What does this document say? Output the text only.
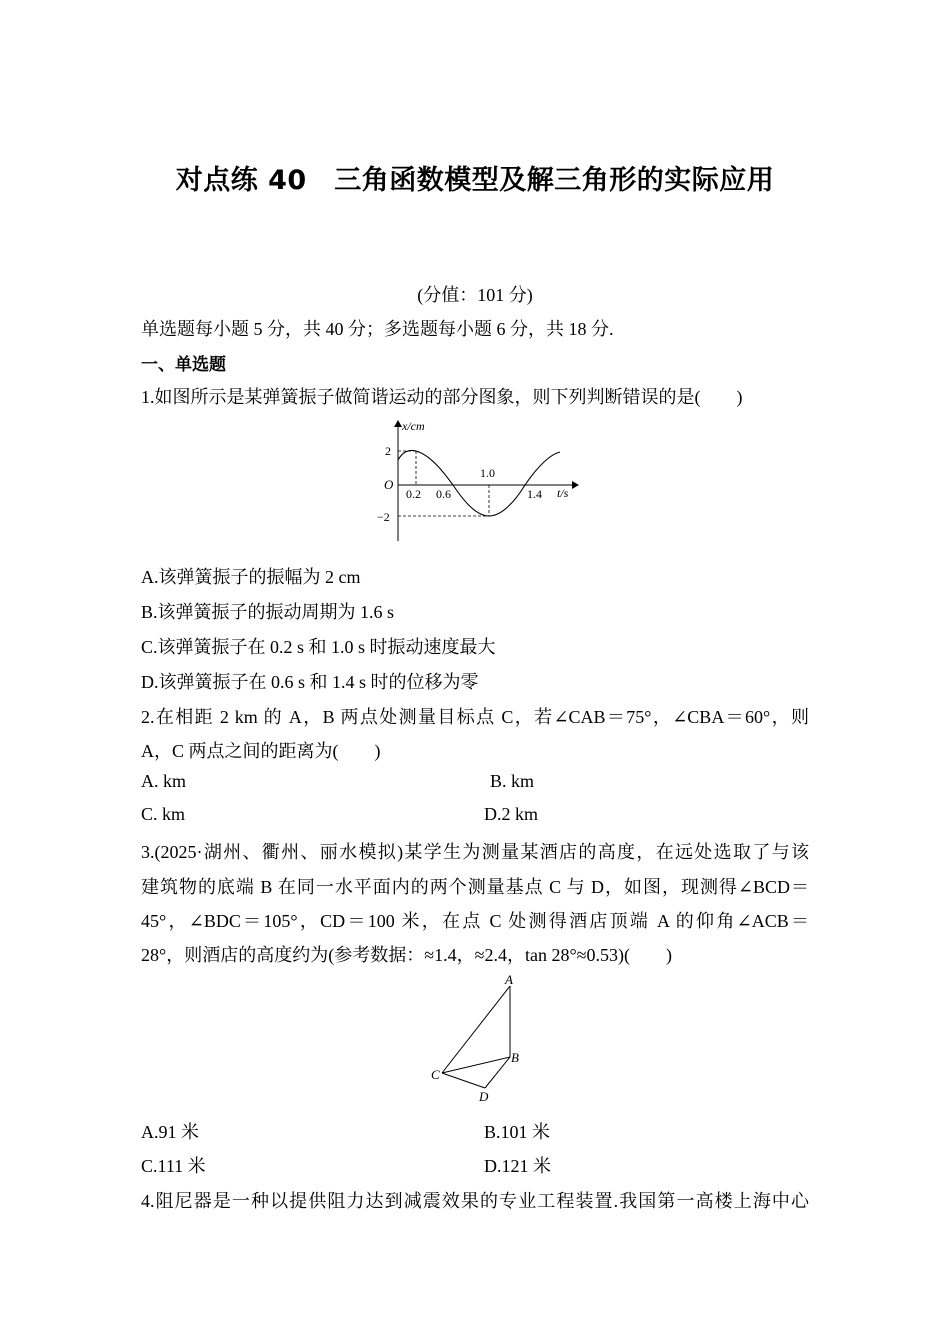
对点练 40　三角函数模型及解三角形的实际应用
(分值：101 分)
单选题每小题 5 分，共 40 分；多选题每小题 6 分，共 18 分.
一、单选题
1.如图所示是某弹簧振子做简谐运动的部分图象，则下列判断错误的是(　　)
x/cm
t/s
O
2
−2
0.2 0.6
1.0
1.4
A.该弹簧振子的振幅为 2 cm
B.该弹簧振子的振动周期为 1.6 s
C.该弹簧振子在 0.2 s 和 1.0 s 时振动速度最大
D.该弹簧振子在 0.6 s 和 1.4 s 时的位移为零
2.在相距 2 km 的 A，B 两点处测量目标点 C，若∠CAB＝75°，∠CBA＝60°，则
A，C 两点之间的距离为(　　)
A. km	B. km
C. km	D.2 km
3.(2025·湖州、衢州、丽水模拟)某学生为测量某酒店的高度，在远处选取了与该
建筑物的底端 B 在同一水平面内的两个测量基点 C 与 D，如图，现测得∠BCD＝
45°，∠BDC＝105°，CD＝100 米，在点 C 处测得酒店顶端 A 的仰角∠ACB＝
28°，则酒店的高度约为(参考数据：≈1.4，≈2.4，tan 28°≈0.53)(　　)
A
B
C
D
A.91 米	B.101 米
C.111 米	D.121 米
4.阻尼器是一种以提供阻力达到减震效果的专业工程装置.我国第一高楼上海中心
